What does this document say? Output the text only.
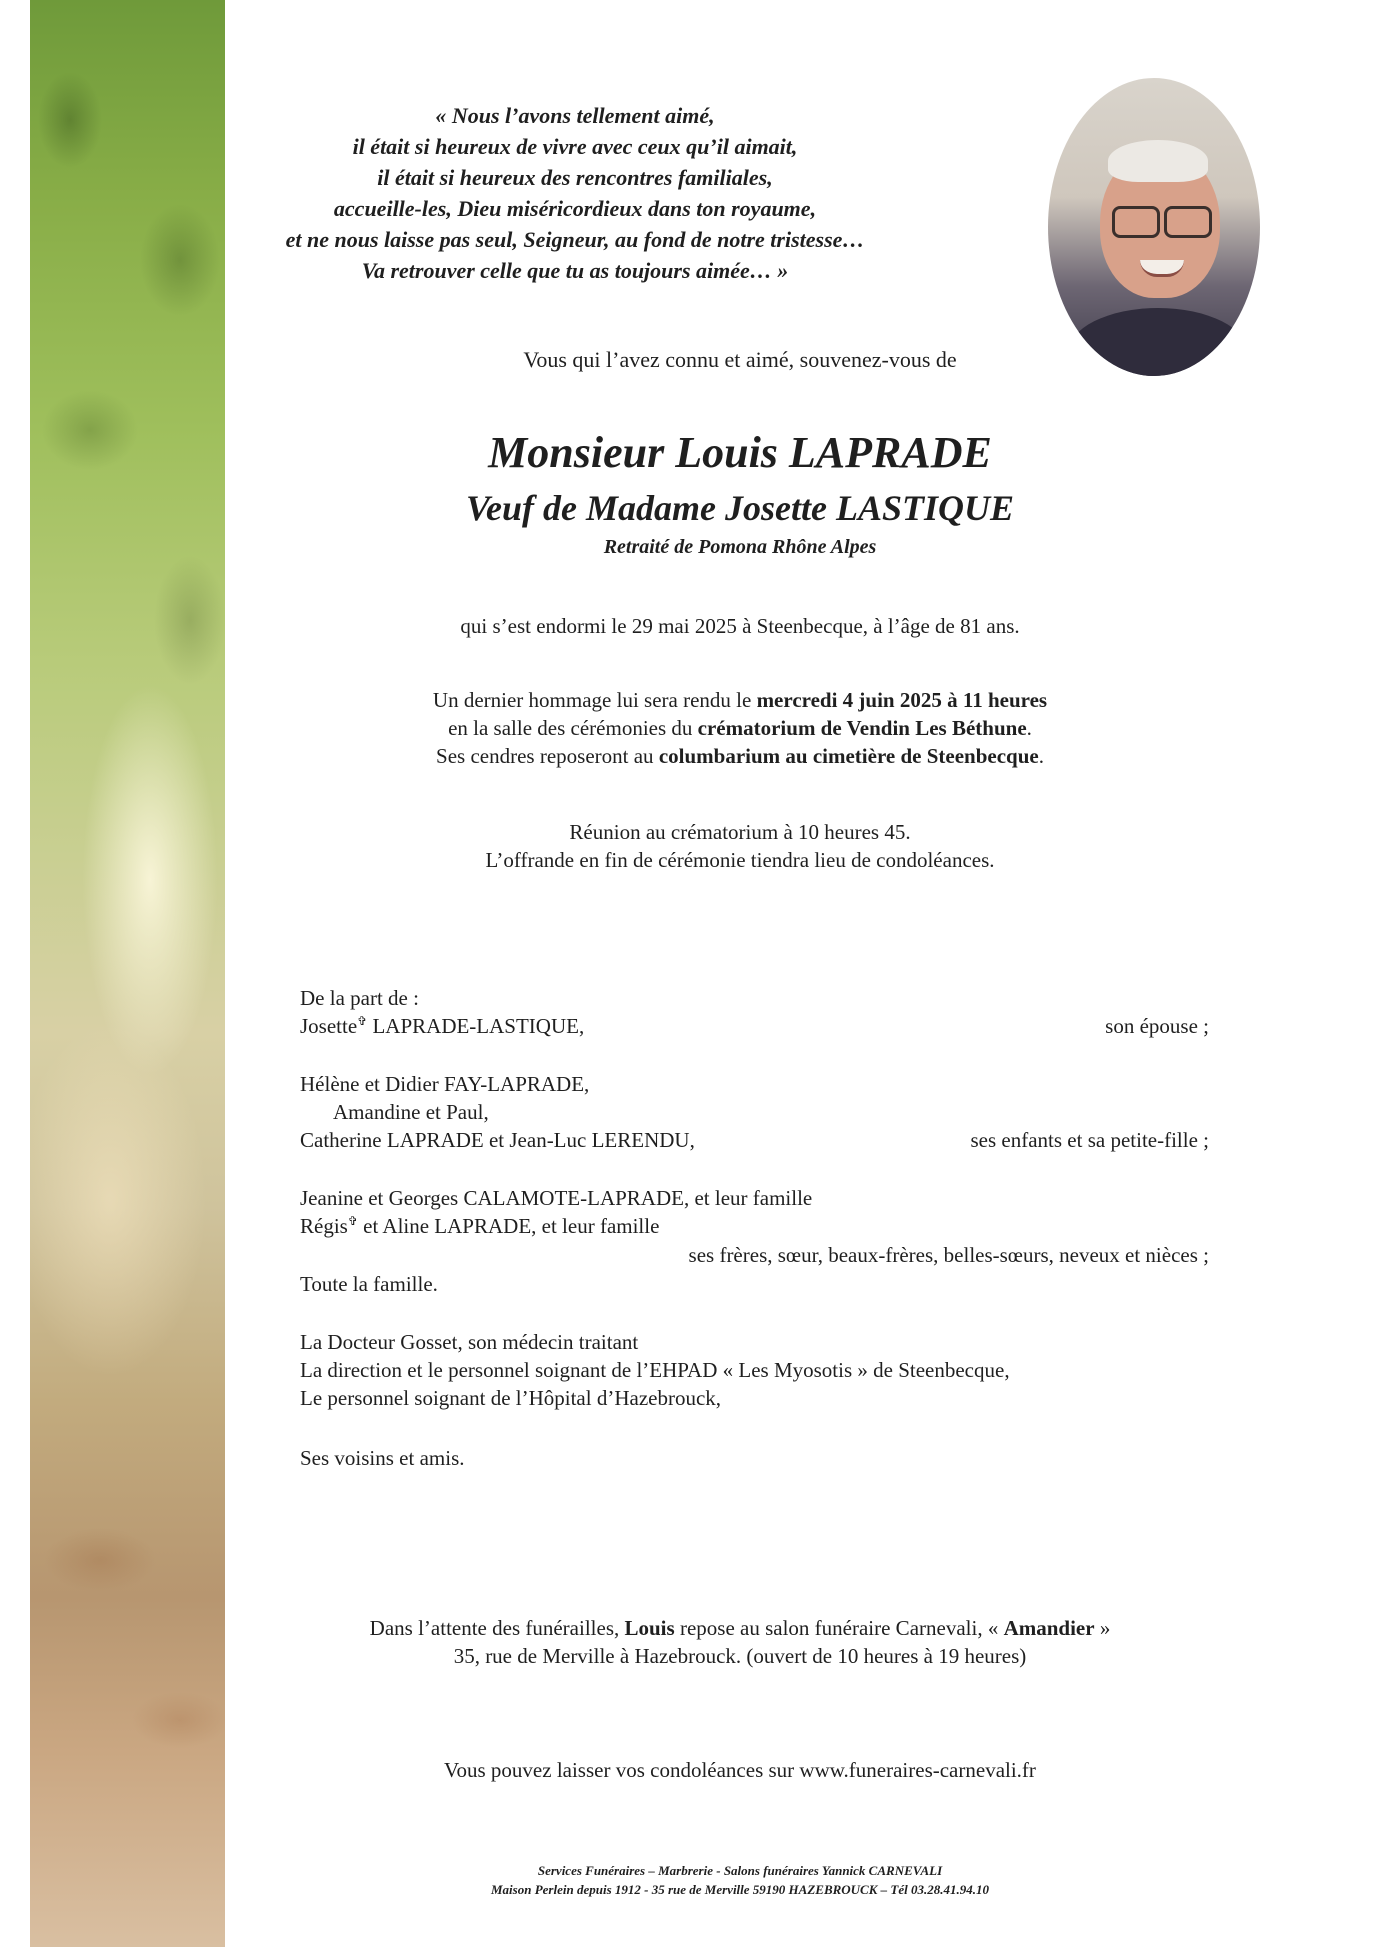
« Nous l’avons tellement aimé,
il était si heureux de vivre avec ceux qu’il aimait,
il était si heureux des rencontres familiales,
accueille-les, Dieu miséricordieux dans ton royaume,
et ne nous laisse pas seul, Seigneur, au fond de notre tristesse…
Va retrouver celle que tu as toujours aimée… »
Vous qui l’avez connu et aimé, souvenez-vous de
Monsieur Louis LAPRADE
Veuf de Madame Josette LASTIQUE
Retraité de Pomona Rhône Alpes
qui s’est endormi le 29 mai 2025 à Steenbecque, à l’âge de 81 ans.
Un dernier hommage lui sera rendu le mercredi 4 juin 2025 à 11 heures
en la salle des cérémonies du crématorium de Vendin Les Béthune.
Ses cendres reposeront au columbarium au cimetière de Steenbecque.
Réunion au crématorium à 10 heures 45.
L’offrande en fin de cérémonie tiendra lieu de condoléances.
De la part de :
Josette✞ LAPRADE-LASTIQUE,	son épouse ;
Hélène et Didier FAY-LAPRADE,
Amandine et Paul,
Catherine LAPRADE et Jean-Luc LERENDU,	ses enfants et sa petite-fille ;
Jeanine et Georges CALAMOTE-LAPRADE, et leur famille
Régis✞ et Aline LAPRADE, et leur famille
ses frères, sœur, beaux-frères, belles-sœurs, neveux et nièces ;
Toute la famille.
La Docteur Gosset, son médecin traitant
La direction et le personnel soignant de l’EHPAD « Les Myosotis » de Steenbecque,
Le personnel soignant de l’Hôpital d’Hazebrouck,
Ses voisins et amis.
Dans l’attente des funérailles, Louis repose au salon funéraire Carnevali, « Amandier »
35, rue de Merville à Hazebrouck. (ouvert de 10 heures à 19 heures)
Vous pouvez laisser vos condoléances sur www.funeraires-carnevali.fr
Services Funéraires – Marbrerie - Salons funéraires Yannick CARNEVALI
Maison Perlein depuis 1912 - 35 rue de Merville 59190 HAZEBROUCK – Tél 03.28.41.94.10
